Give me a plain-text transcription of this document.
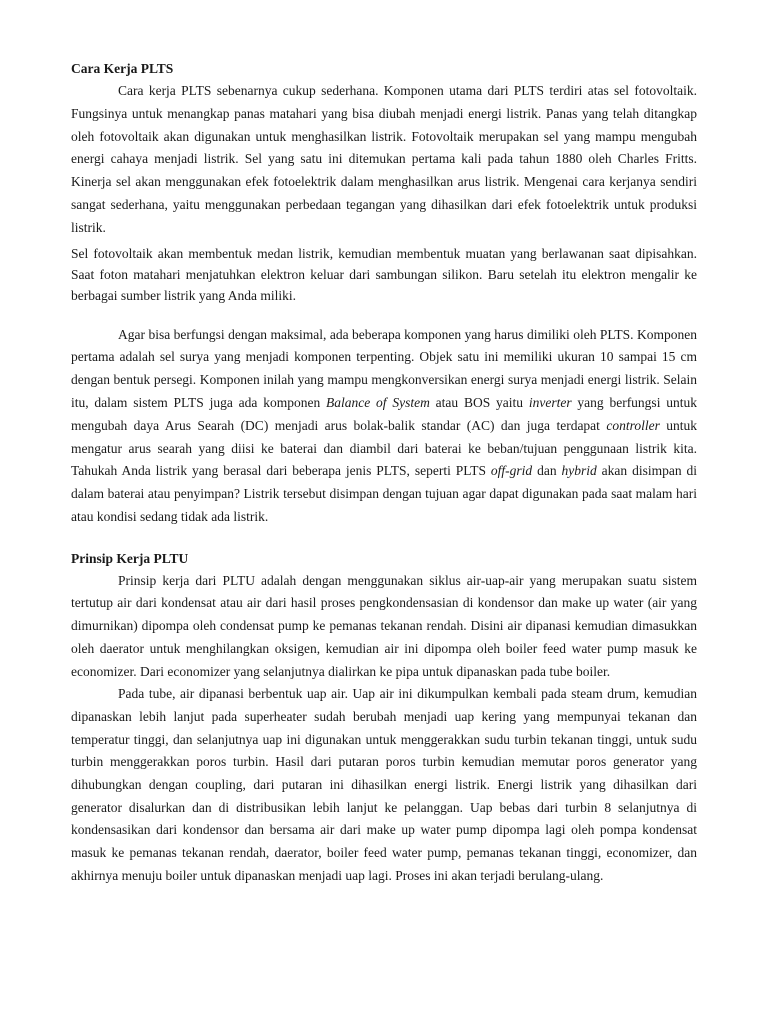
Cara Kerja PLTS

Cara kerja PLTS sebenarnya cukup sederhana. Komponen utama dari PLTS terdiri atas sel fotovoltaik. Fungsinya untuk menangkap panas matahari yang bisa diubah menjadi energi listrik. Panas yang telah ditangkap oleh fotovoltaik akan digunakan untuk menghasilkan listrik. Fotovoltaik merupakan sel yang mampu mengubah energi cahaya menjadi listrik. Sel yang satu ini ditemukan pertama kali pada tahun 1880 oleh Charles Fritts. Kinerja sel akan menggunakan efek fotoelektrik dalam menghasilkan arus listrik. Mengenai cara kerjanya sendiri sangat sederhana, yaitu menggunakan perbedaan tegangan yang dihasilkan dari efek fotoelektrik untuk produksi listrik.

Sel fotovoltaik akan membentuk medan listrik, kemudian membentuk muatan yang berlawanan saat dipisahkan. Saat foton matahari menjatuhkan elektron keluar dari sambungan silikon. Baru setelah itu elektron mengalir ke berbagai sumber listrik yang Anda miliki.

Agar bisa berfungsi dengan maksimal, ada beberapa komponen yang harus dimiliki oleh PLTS. Komponen pertama adalah sel surya yang menjadi komponen terpenting. Objek satu ini memiliki ukuran 10 sampai 15 cm dengan bentuk persegi. Komponen inilah yang mampu mengkonversikan energi surya menjadi energi listrik. Selain itu, dalam sistem PLTS juga ada komponen Balance of System atau BOS yaitu inverter yang berfungsi untuk mengubah daya Arus Searah (DC) menjadi arus bolak-balik standar (AC) dan juga terdapat controller untuk mengatur arus searah yang diisi ke baterai dan diambil dari baterai ke beban/tujuan penggunaan listrik kita. Tahukah Anda listrik yang berasal dari beberapa jenis PLTS, seperti PLTS off-grid dan hybrid akan disimpan di dalam baterai atau penyimpan? Listrik tersebut disimpan dengan tujuan agar dapat digunakan pada saat malam hari atau kondisi sedang tidak ada listrik.

Prinsip Kerja PLTU

Prinsip kerja dari PLTU adalah dengan menggunakan siklus air-uap-air yang merupakan suatu sistem tertutup air dari kondensat atau air dari hasil proses pengkondensasian di kondensor dan make up water (air yang dimurnikan) dipompa oleh condensat pump ke pemanas tekanan rendah. Disini air dipanasi kemudian dimasukkan oleh daerator untuk menghilangkan oksigen, kemudian air ini dipompa oleh boiler feed water pump masuk ke economizer. Dari economizer yang selanjutnya dialirkan ke pipa untuk dipanaskan pada tube boiler.

Pada tube, air dipanasi berbentuk uap air. Uap air ini dikumpulkan kembali pada steam drum, kemudian dipanaskan lebih lanjut pada superheater sudah berubah menjadi uap kering yang mempunyai tekanan dan temperatur tinggi, dan selanjutnya uap ini digunakan untuk menggerakkan sudu turbin tekanan tinggi, untuk sudu turbin menggerakkan poros turbin. Hasil dari putaran poros turbin kemudian memutar poros generator yang dihubungkan dengan coupling, dari putaran ini dihasilkan energi listrik. Energi listrik yang dihasilkan dari generator disalurkan dan di distribusikan lebih lanjut ke pelanggan. Uap bebas dari turbin 8 selanjutnya di kondensasikan dari kondensor dan bersama air dari make up water pump dipompa lagi oleh pompa kondensat masuk ke pemanas tekanan rendah, daerator, boiler feed water pump, pemanas tekanan tinggi, economizer, dan akhirnya menuju boiler untuk dipanaskan menjadi uap lagi. Proses ini akan terjadi berulang-ulang.
